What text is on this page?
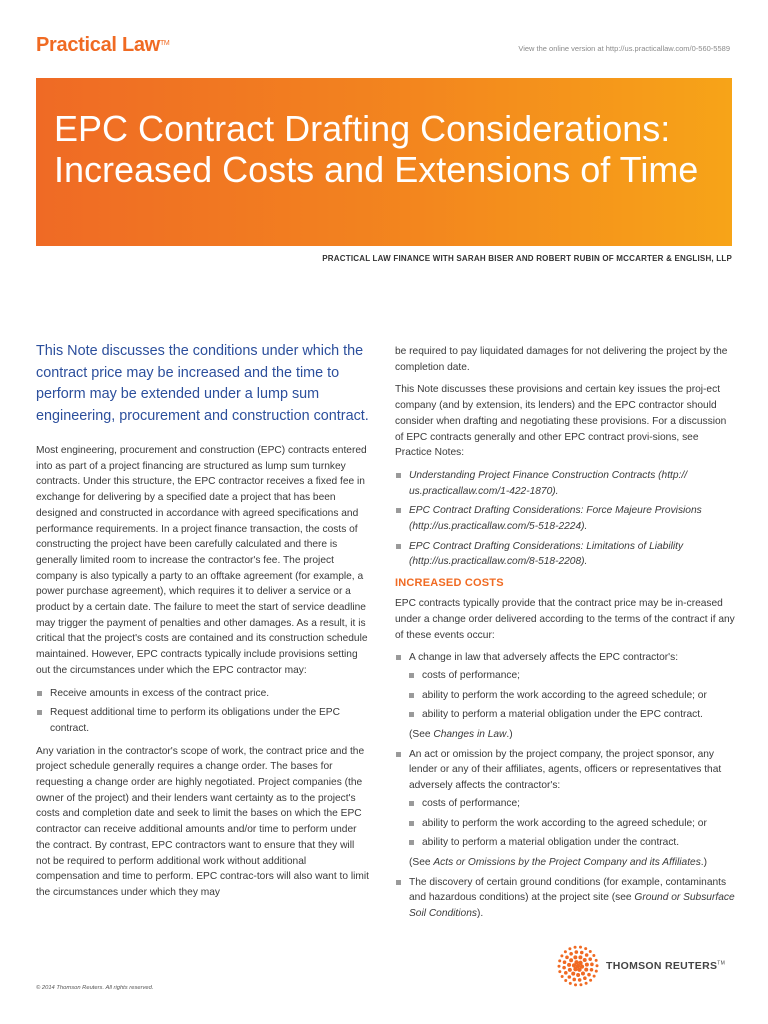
Practical Law™
View the online version at http://us.practicallaw.com/0-560-5589
EPC Contract Drafting Considerations: Increased Costs and Extensions of Time
PRACTICAL LAW FINANCE WITH SARAH BISER AND ROBERT RUBIN OF MCCARTER & ENGLISH, LLP

This Note discusses the conditions under which the contract price may be increased and the time to perform may be extended under a lump sum engineering, procurement and construction contract.

Most engineering, procurement and construction (EPC) contracts entered into as part of a project financing are structured as lump sum turnkey contracts. Under this structure, the EPC contractor receives a fixed fee in exchange for delivering by a specified date a project that has been designed and constructed in accordance with agreed specifications and performance requirements. In a project finance transaction, the costs of constructing the project have been carefully calculated and there is generally limited room to increase the contractor's fee. The project company is also typically a party to an offtake agreement (for example, a power purchase agreement), which requires it to deliver a service or a product by a certain date. The failure to meet the start of service deadline may trigger the payment of penalties and other damages. As a result, it is critical that the project's costs are contained and its construction schedule maintained. However, EPC contracts typically include provisions setting out the circumstances under which the EPC contractor may:

Receive amounts in excess of the contract price.
Request additional time to perform its obligations under the EPC contract.

Any variation in the contractor's scope of work, the contract price and the project schedule generally requires a change order. The bases for requesting a change order are highly negotiated. Project companies (the owner of the project) and their lenders want certainty as to the project's costs and completion date and seek to limit the bases on which the EPC contractor can receive additional amounts and/or time to perform under the contract. By contrast, EPC contractors want to ensure that they will not be required to perform additional work without additional compensation and time to perform. EPC contrac-tors will also want to limit the circumstances under which they may

be required to pay liquidated damages for not delivering the project by the completion date.

This Note discusses these provisions and certain key issues the proj-ect company (and by extension, its lenders) and the EPC contractor should consider when drafting and negotiating these provisions. For a discussion of EPC contracts generally and other EPC contract provi-sions, see Practice Notes:

Understanding Project Finance Construction Contracts (http:// us.practicallaw.com/1-422-1870).
EPC Contract Drafting Considerations: Force Majeure Provisions (http://us.practicallaw.com/5-518-2224).
EPC Contract Drafting Considerations: Limitations of Liability (http://us.practicallaw.com/8-518-2208).
INCREASED COSTS

EPC contracts typically provide that the contract price may be in-creased under a change order delivered according to the terms of the contract if any of these events occur:

A change in law that adversely affects the EPC contractor's:
costs of performance;
ability to perform the work according to the agreed schedule; or
ability to perform a material obligation under the EPC contract.
(See Changes in Law.)
An act or omission by the project company, the project sponsor, any lender or any of their affiliates, agents, officers or representatives that adversely affects the contractor's:
costs of performance;
ability to perform the work according to the agreed schedule; or
ability to perform a material obligation under the contract.
(See Acts or Omissions by the Project Company and its Affiliates.)
The discovery of certain ground conditions (for example, contaminants and hazardous conditions) at the project site (see Ground or Subsurface Soil Conditions).
© 2014 Thomson Reuters. All rights reserved.
THOMSON REUTERS™
